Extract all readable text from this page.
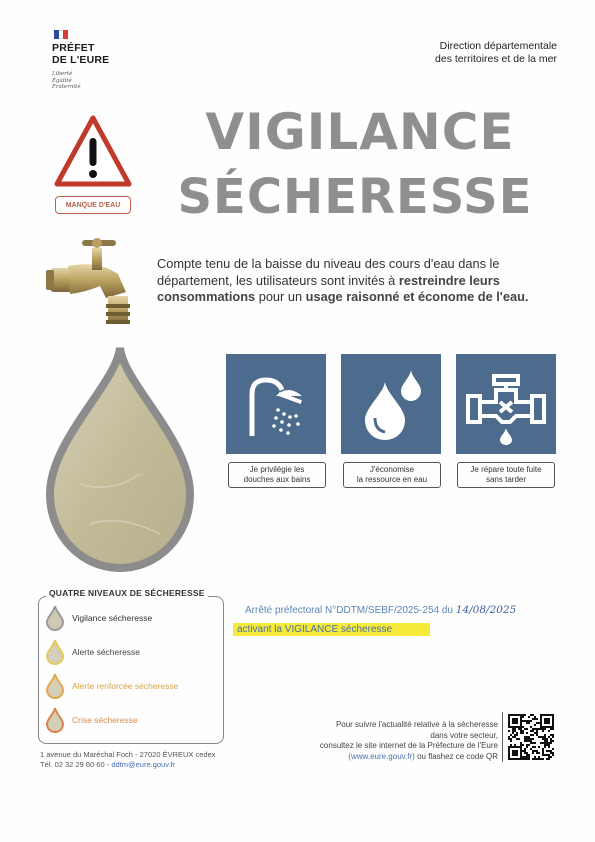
PRÉFET
DE L'EURE
Liberté
Égalité
Fraternité
Direction départementale
des territoires et de la mer
MANQUE D'EAU
VIGILANCE
SÉCHERESSE
Compte tenu de la baisse du niveau des cours d'eau dans le département, les utilisateurs sont invités à restreindre leurs consommations pour un usage raisonné et économe de l'eau.
Je privilégie les
douches aux bains
J'économise
la ressource en eau
Je répare toute fuite
sans tarder
QUATRE NIVEAUX DE SÉCHERESSE
Vigilance sécheresse
Alerte sécheresse
Alerte renforcée sécheresse
Crise sécheresse
Arrêté préfectoral N°DDTM/SEBF/2025-254 du 14/08/2025
activant la VIGILANCE sécheresse
Pour suivre l'actualité relative à la sécheresse
dans votre secteur,
consultez le site internet de la Préfecture de l'Eure
(www.eure.gouv.fr) ou flashez ce code QR
1 avenue du Maréchal Foch - 27020 ÉVREUX cedex
Tél. 02 32 29 60 60 - ddtm@eure.gouv.fr
